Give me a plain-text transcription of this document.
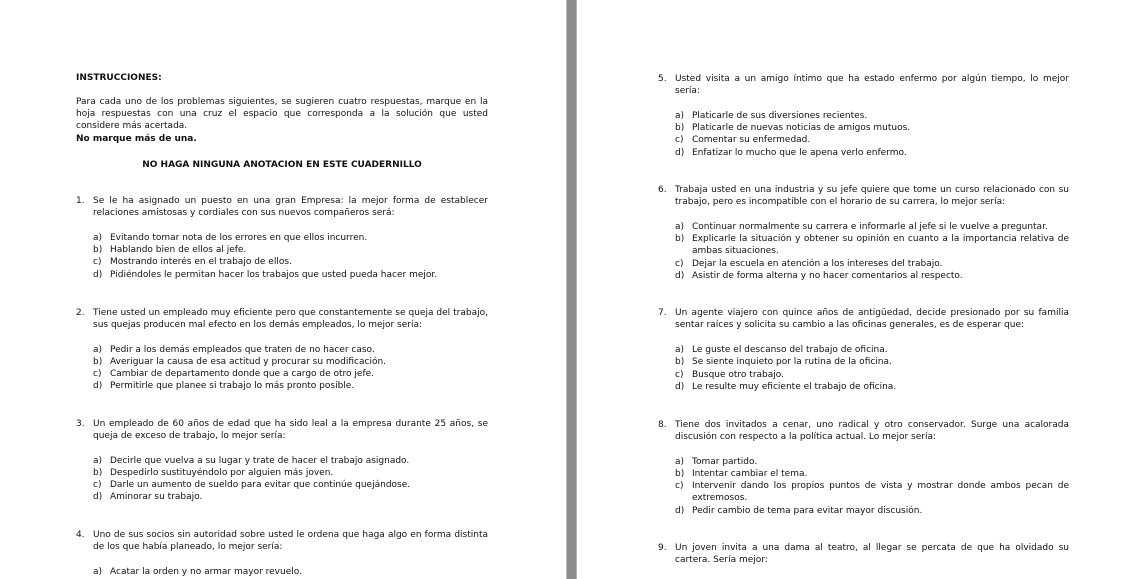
INSTRUCCIONES:
Para cada uno de los problemas siguientes, se sugieren cuatro respuestas, marque en la
hoja respuestas con una cruz el espacio que corresponda a la solución que usted
considere más acertada.
No marque más de una.
NO HAGA NINGUNA ANOTACION EN ESTE CUADERNILLO
1. Se le ha asignado un puesto en una gran Empresa: la mejor forma de establecer
relaciones amistosas y cordiales con sus nuevos compañeros será:
a) Evitando tomar nota de los errores en que ellos incurren.
b) Hablando bien de ellos al jefe.
c) Mostrando interés en el trabajo de ellos.
d) Pidiéndoles le permitan hacer los trabajos que usted pueda hacer mejor.
2. Tiene usted un empleado muy eficiente pero que constantemente se queja del trabajo,
sus quejas producen mal efecto en los demás empleados, lo mejor sería:
a) Pedir a los demás empleados que traten de no hacer caso.
b) Averiguar la causa de esa actitud y procurar su modificación.
c) Cambiar de departamento donde que a cargo de otro jefe.
d) Permitirle que planee si trabajo lo más pronto posible.
3. Un empleado de 60 años de edad que ha sido leal a la empresa durante 25 años, se
queja de exceso de trabajo, lo mejor sería:
a) Decirle que vuelva a su lugar y trate de hacer el trabajo asignado.
b) Despedirlo sustituyéndolo por alguien más joven.
c) Darle un aumento de sueldo para evitar que continúe quejándose.
d) Aminorar su trabajo.
4. Uno de sus socios sin autoridad sobre usted le ordena que haga algo en forma distinta
de los que había planeado, lo mejor sería:
a) Acatar la orden y no armar mayor revuelo.
5. Usted visita a un amigo íntimo que ha estado enfermo por algún tiempo, lo mejor
sería:
a) Platicarle de sus diversiones recientes.
b) Platicarle de nuevas noticias de amigos mutuos.
c) Comentar su enfermedad.
d) Enfatizar lo mucho que le apena verlo enfermo.
6. Trabaja usted en una industria y su jefe quiere que tome un curso relacionado con su
trabajo, pero es incompatible con el horario de su carrera, lo mejor sería:
a) Continuar normalmente su carrera e informarle al jefe si le vuelve a preguntar.
b) Explicarle la situación y obtener su opinión en cuanto a la importancia relativa de
ambas situaciones.
c) Dejar la escuela en atención a los intereses del trabajo.
d) Asistir de forma alterna y no hacer comentarios al respecto.
7. Un agente viajero con quince años de antigüedad, decide presionado por su familia
sentar raíces y solicita su cambio a las oficinas generales, es de esperar que:
a) Le guste el descanso del trabajo de oficina.
b) Se siente inquieto por la rutina de la oficina.
c) Busque otro trabajo.
d) Le resulte muy eficiente el trabajo de oficina.
8. Tiene dos invitados a cenar, uno radical y otro conservador. Surge una acalorada
discusión con respecto a la política actual. Lo mejor sería:
a) Tomar partido.
b) Intentar cambiar el tema.
c) Intervenir dando los propios puntos de vista y mostrar donde ambos pecan de
extremosos.
d) Pedir cambio de tema para evitar mayor discusión.
9. Un joven invita a una dama al teatro, al llegar se percata de que ha olvidado su
cartera. Sería mejor:
